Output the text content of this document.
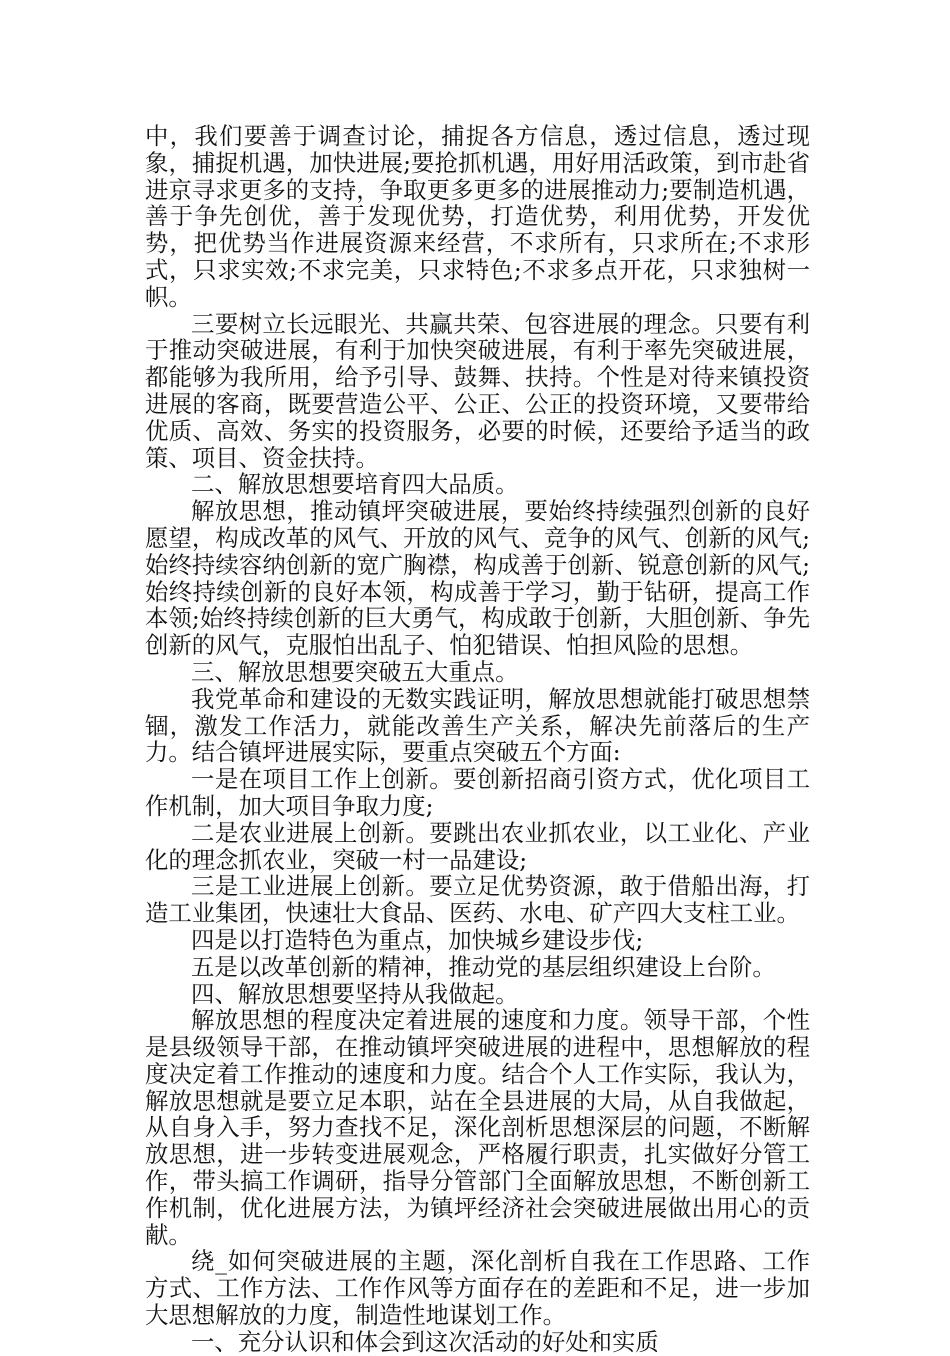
中，我们要善于调查讨论，捕捉各方信息，透过信息，透过现象，捕捉机遇，加快进展;要抢抓机遇，用好用活政策，到市赴省进京寻求更多的支持，争取更多更多的进展推动力;要制造机遇，善于争先创优，善于发现优势，打造优势，利用优势，开发优势，把优势当作进展资源来经营，不求所有，只求所在;不求形式，只求实效;不求完美，只求特色;不求多点开花，只求独树一帜。

三要树立长远眼光、共赢共荣、包容进展的理念。只要有利于推动突破进展，有利于加快突破进展，有利于率先突破进展，都能够为我所用，给予引导、鼓舞、扶持。个性是对待来镇投资进展的客商，既要营造公平、公正、公正的投资环境，又要带给优质、高效、务实的投资服务，必要的时候，还要给予适当的政策、项目、资金扶持。

二、解放思想要培育四大品质。

解放思想，推动镇坪突破进展，要始终持续强烈创新的良好愿望，构成改革的风气、开放的风气、竞争的风气、创新的风气;始终持续容纳创新的宽广胸襟，构成善于创新、锐意创新的风气;始终持续创新的良好本领，构成善于学习，勤于钻研，提高工作本领;始终持续创新的巨大勇气，构成敢于创新，大胆创新、争先创新的风气，克服怕出乱子、怕犯错误、怕担风险的思想。

三、解放思想要突破五大重点。

我党革命和建设的无数实践证明，解放思想就能打破思想禁锢，激发工作活力，就能改善生产关系，解决先前落后的生产力。结合镇坪进展实际，要重点突破五个方面:

一是在项目工作上创新。要创新招商引资方式，优化项目工作机制，加大项目争取力度;

二是农业进展上创新。要跳出农业抓农业，以工业化、产业化的理念抓农业，突破一村一品建设;

三是工业进展上创新。要立足优势资源，敢于借船出海，打造工业集团，快速壮大食品、医药、水电、矿产四大支柱工业。

四是以打造特色为重点，加快城乡建设步伐;

五是以改革创新的精神，推动党的基层组织建设上台阶。

四、解放思想要坚持从我做起。

解放思想的程度决定着进展的速度和力度。领导干部，个性是县级领导干部，在推动镇坪突破进展的进程中，思想解放的程度决定着工作推动的速度和力度。结合个人工作实际，我认为，解放思想就是要立足本职，站在全县进展的大局，从自我做起，从自身入手，努力查找不足，深化剖析思想深层的问题，不断解放思想，进一步转变进展观念，严格履行职责，扎实做好分管工作，带头搞工作调研，指导分管部门全面解放思想，不断创新工作机制，优化进展方法，为镇坪经济社会突破进展做出用心的贡献。

绕_如何突破进展的主题，深化剖析自我在工作思路、工作方式、工作方法、工作作风等方面存在的差距和不足，进一步加大思想解放的力度，制造性地谋划工作。

一、充分认识和体会到这次活动的好处和实质
